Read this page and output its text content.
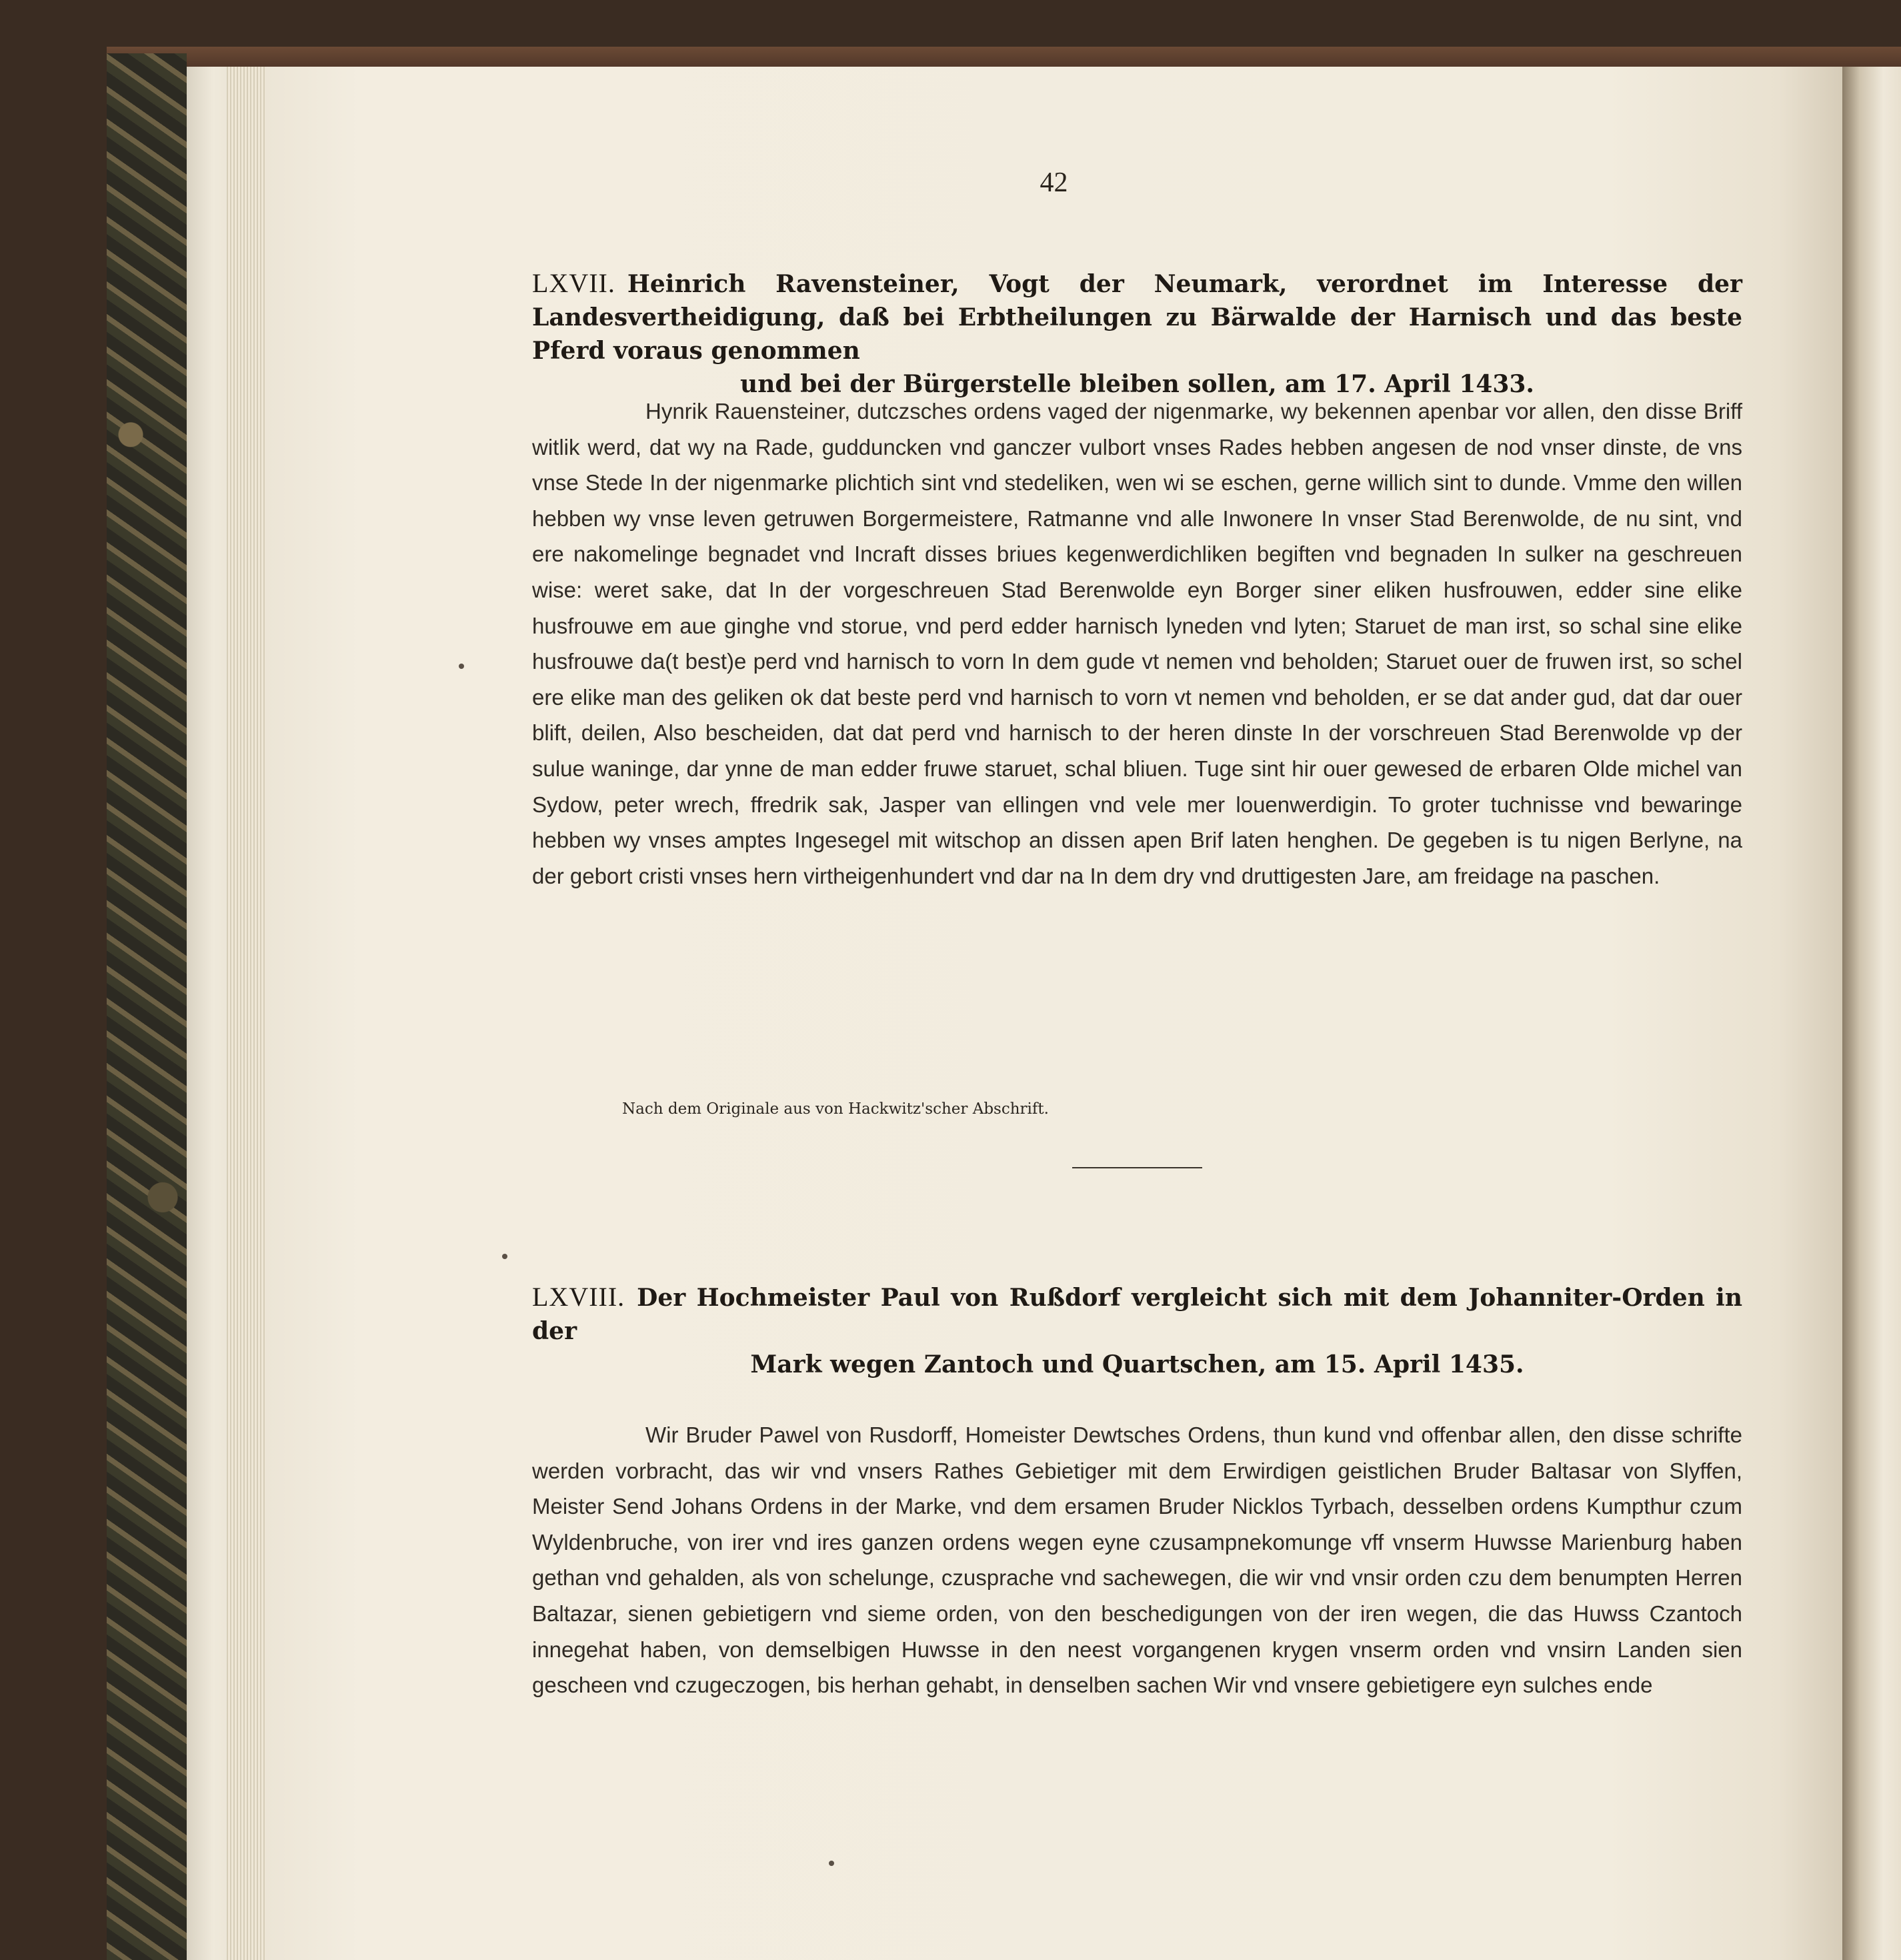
42
LXVII. Heinrich Ravensteiner, Vogt der Neumark, verordnet im Interesse der Landesvertheidigung, daß bei Erbtheilungen zu Bärwalde der Harnisch und das beste Pferd voraus genommen
und bei der Bürgerstelle bleiben sollen, am 17. April 1433.
Hynrik Rauensteiner, dutczsches ordens vaged der nigenmarke, wy bekennen apenbar vor allen, den disse Briff witlik werd, dat wy na Rade, gudduncken vnd ganczer vulbort vnses Rades hebben angesen de nod vnser dinste, de vns vnse Stede In der nigenmarke plichtich sint vnd stedeliken, wen wi se eschen, gerne willich sint to dunde. Vmme den willen hebben wy vnse leven getruwen Borgermeistere, Ratmanne vnd alle Inwonere In vnser Stad Berenwolde, de nu sint, vnd ere nakomelinge begnadet vnd Incraft disses briues kegenwerdichliken begiften vnd begnaden In sulker na geschreuen wise: weret sake, dat In der vorgeschreuen Stad Berenwolde eyn Borger siner eliken husfrouwen, edder sine elike husfrouwe em aue ginghe vnd storue, vnd perd edder harnisch lyneden vnd lyten; Staruet de man irst, so schal sine elike husfrouwe da(t best)e perd vnd harnisch to vorn In dem gude vt nemen vnd beholden; Staruet ouer de fruwen irst, so schel ere elike man des geliken ok dat beste perd vnd harnisch to vorn vt nemen vnd beholden, er se dat ander gud, dat dar ouer blift, deilen, Also bescheiden, dat dat perd vnd harnisch to der heren dinste In der vorschreuen Stad Berenwolde vp der sulue waninge, dar ynne de man edder fruwe staruet, schal bliuen. Tuge sint hir ouer gewesed de erbaren Olde michel van Sydow, peter wrech, ffredrik sak, Jasper van ellingen vnd vele mer louenwerdigin. To groter tuchnisse vnd bewaringe hebben wy vnses amptes Ingesegel mit witschop an dissen apen Brif laten henghen. De gegeben is tu nigen Berlyne, na der gebort cristi vnses hern virtheigenhundert vnd dar na In dem dry vnd druttigesten Jare, am freidage na paschen.
Nach dem Originale aus von Hackwitz'scher Abschrift.
LXVIII. Der Hochmeister Paul von Rußdorf vergleicht sich mit dem Johanniter-Orden in der
Mark wegen Zantoch und Quartschen, am 15. April 1435.
Wir Bruder Pawel von Rusdorff, Homeister Dewtsches Ordens, thun kund vnd offenbar allen, den disse schrifte werden vorbracht, das wir vnd vnsers Rathes Gebietiger mit dem Erwirdigen geistlichen Bruder Baltasar von Slyffen, Meister Send Johans Ordens in der Marke, vnd dem ersamen Bruder Nicklos Tyrbach, desselben ordens Kumpthur czum Wyldenbruche, von irer vnd ires ganzen ordens wegen eyne czusampnekomunge vff vnserm Huwsse Marienburg haben gethan vnd gehalden, als von schelunge, czusprache vnd sachewegen, die wir vnd vnsir orden czu dem benumpten Herren Baltazar, sienen gebietigern vnd sieme orden, von den beschedigungen von der iren wegen, die das Huwss Czantoch innegehat haben, von demselbigen Huwsse in den neest vorgangenen krygen vnserm orden vnd vnsirn Landen sien gescheen vnd czugeczogen, bis herhan gehabt, in denselben sachen Wir vnd vnsere gebietigere eyn sulches ende
